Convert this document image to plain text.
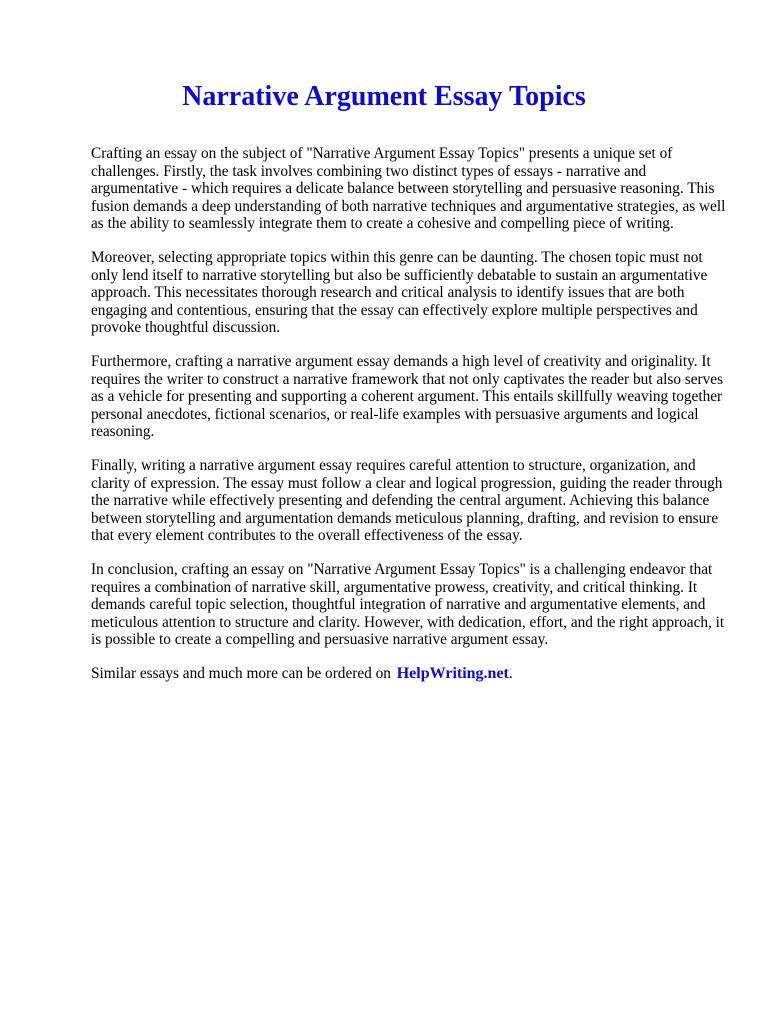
Narrative Argument Essay Topics

Crafting an essay on the subject of "Narrative Argument Essay Topics" presents a unique set of challenges. Firstly, the task involves combining two distinct types of essays - narrative and argumentative - which requires a delicate balance between storytelling and persuasive reasoning. This fusion demands a deep understanding of both narrative techniques and argumentative strategies, as well as the ability to seamlessly integrate them to create a cohesive and compelling piece of writing.

Moreover, selecting appropriate topics within this genre can be daunting. The chosen topic must not only lend itself to narrative storytelling but also be sufficiently debatable to sustain an argumentative approach. This necessitates thorough research and critical analysis to identify issues that are both engaging and contentious, ensuring that the essay can effectively explore multiple perspectives and provoke thoughtful discussion.

Furthermore, crafting a narrative argument essay demands a high level of creativity and originality. It requires the writer to construct a narrative framework that not only captivates the reader but also serves as a vehicle for presenting and supporting a coherent argument. This entails skillfully weaving together personal anecdotes, fictional scenarios, or real-life examples with persuasive arguments and logical reasoning.

Finally, writing a narrative argument essay requires careful attention to structure, organization, and clarity of expression. The essay must follow a clear and logical progression, guiding the reader through the narrative while effectively presenting and defending the central argument. Achieving this balance between storytelling and argumentation demands meticulous planning, drafting, and revision to ensure that every element contributes to the overall effectiveness of the essay.

In conclusion, crafting an essay on "Narrative Argument Essay Topics" is a challenging endeavor that requires a combination of narrative skill, argumentative prowess, creativity, and critical thinking. It demands careful topic selection, thoughtful integration of narrative and argumentative elements, and meticulous attention to structure and clarity. However, with dedication, effort, and the right approach, it is possible to create a compelling and persuasive narrative argument essay.

Similar essays and much more can be ordered on HelpWriting.net.
